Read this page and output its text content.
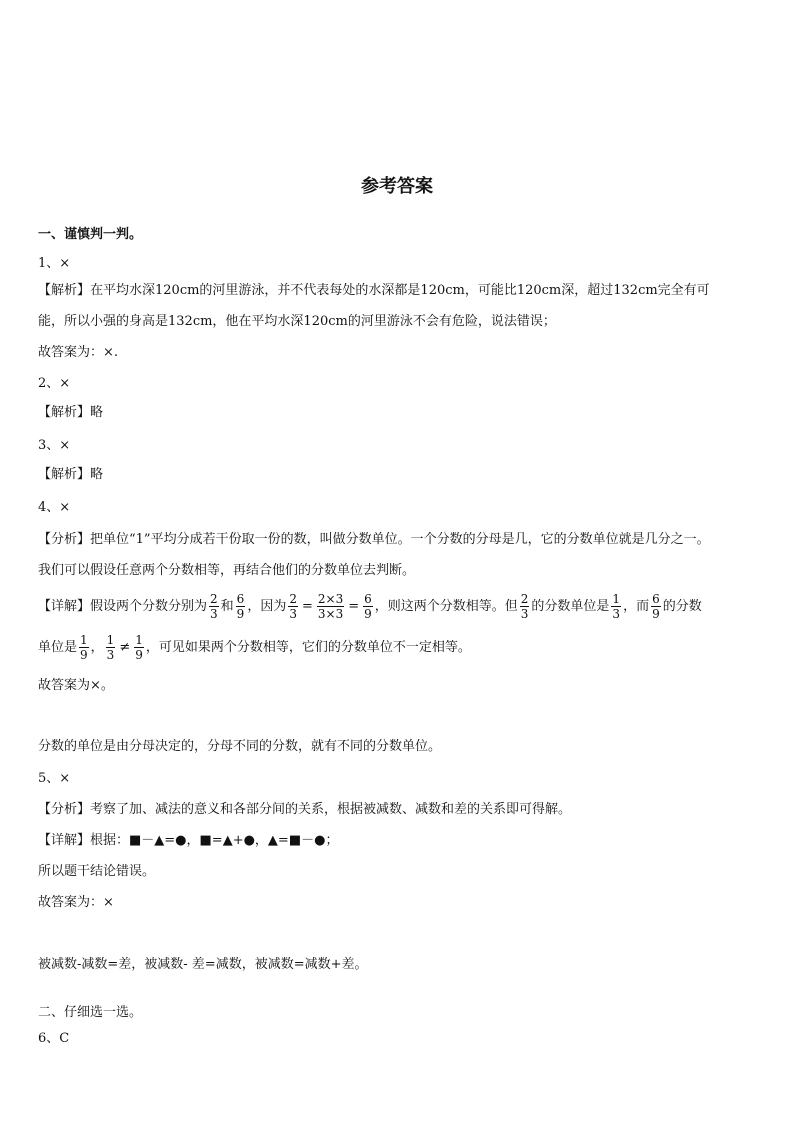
参考答案
一、谨慎判一判。
1、×
【解析】在平均水深120cm的河里游泳，并不代表每处的水深都是120cm，可能比120cm深，超过132cm完全有可
能，所以小强的身高是132cm，他在平均水深120cm的河里游泳不会有危险，说法错误；
故答案为：×.
2、×
【解析】略
3、×
【解析】略
4、×
【分析】把单位“1”平均分成若干份取一份的数，叫做分数单位。一个分数的分母是几，它的分数单位就是几分之一。
我们可以假设任意两个分数相等，再结合他们的分数单位去判断。
【详解】假设两个分数分别为 $\frac{2}{3}$ 和 $\frac{6}{9}$ ，因为 $\frac{2}{3} = \frac{2\times 3}{3\times 3} = \frac{6}{9}$ ，则这两个分数相等。但 $\frac{2}{3}$ 的分数单位是 $\frac{1}{3}$ ，而 $\frac{6}{9}$ 的分数
单位是 $\frac{1}{9}$ ， $\frac{1}{3} \ne \frac{1}{9}$ ，可见如果两个分数相等，它们的分数单位不一定相等。
故答案为×。
分数的单位是由分母决定的，分母不同的分数，就有不同的分数单位。
5、×
【分析】考察了加、减法的意义和各部分间的关系，根据被减数、减数和差的关系即可得解。
【详解】根据：■－▲=●，■=▲+●，▲=■－●；
所以题干结论错误。
故答案为：×
被减数-减数=差，被减数- 差=减数，被减数=减数+差。
二、仔细选一选。
6、C
